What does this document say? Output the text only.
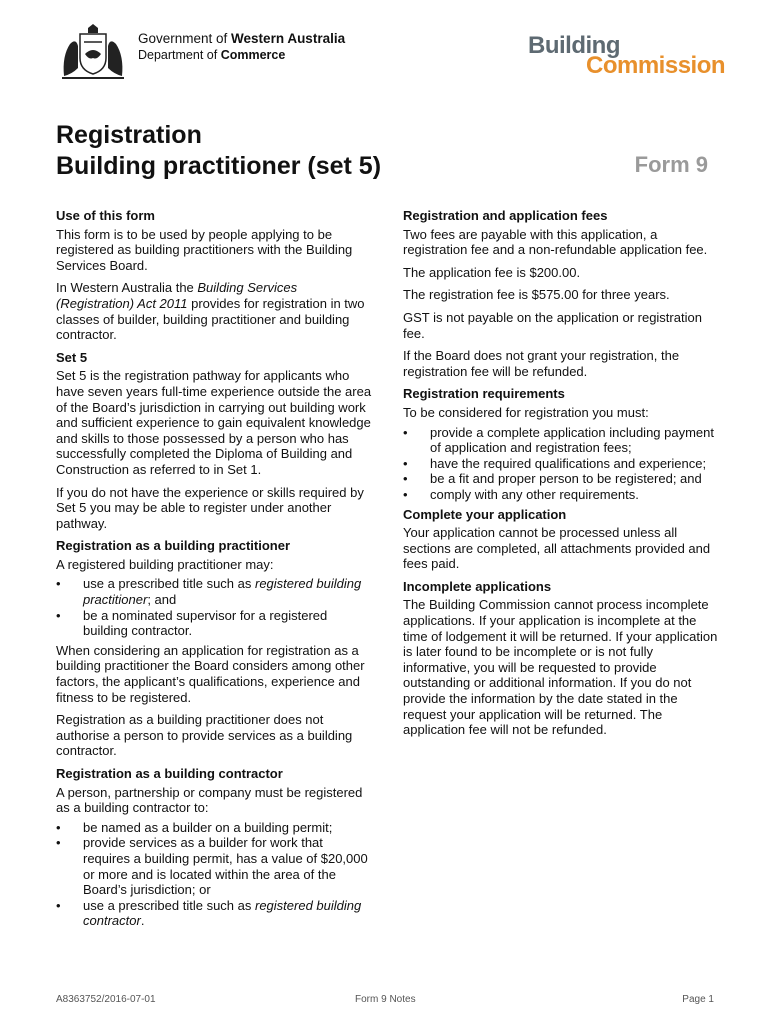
Government of Western Australia
Department of Commerce	Building
Commission
Registration
Building practitioner (set 5)	Form 9
Use of this form

This form is to be used by people applying to be registered as building practitioners with the Building Services Board.

In Western Australia the Building Services (Registration) Act 2011 provides for registration in two classes of builder, building practitioner and building contractor.

Set 5

Set 5 is the registration pathway for applicants who have seven years full-time experience outside the area of the Board’s jurisdiction in carrying out building work and sufficient experience to gain equivalent knowledge and skills to those possessed by a person who has successfully completed the Diploma of Building and Construction as referred to in Set 1.

If you do not have the experience or skills required by Set 5 you may be able to register under another pathway.

Registration as a building practitioner

A registered building practitioner may:

• use a prescribed title such as registered building practitioner; and
• be a nominated supervisor for a registered building contractor.

When considering an application for registration as a building practitioner the Board considers among other factors, the applicant’s qualifications, experience and fitness to be registered.

Registration as a building practitioner does not authorise a person to provide services as a building contractor.

Registration as a building contractor

A person, partnership or company must be registered as a building contractor to:

• be named as a builder on a building permit;
• provide services as a builder for work that requires a building permit, has a value of $20,000 or more and is located within the area of the Board’s jurisdiction; or
• use a prescribed title such as registered building contractor.
Registration and application fees

Two fees are payable with this application, a registration fee and a non-refundable application fee.

The application fee is $200.00.

The registration fee is $575.00 for three years.

GST is not payable on the application or registration fee.

If the Board does not grant your registration, the registration fee will be refunded.

Registration requirements

To be considered for registration you must:

• provide a complete application including payment of application and registration fees;
• have the required qualifications and experience;
• be a fit and proper person to be registered; and
• comply with any other requirements.
Complete your application

Your application cannot be processed unless all sections are completed, all attachments provided and fees paid.

Incomplete applications

The Building Commission cannot process incomplete applications. If your application is incomplete at the time of lodgement it will be returned. If your application is later found to be incomplete or is not fully informative, you will be requested to provide outstanding or additional information. If you do not provide the information by the date stated in the request your application will be returned. The application fee will not be refunded.

A8363752/2016-07-01	Form 9 Notes	Page 1
